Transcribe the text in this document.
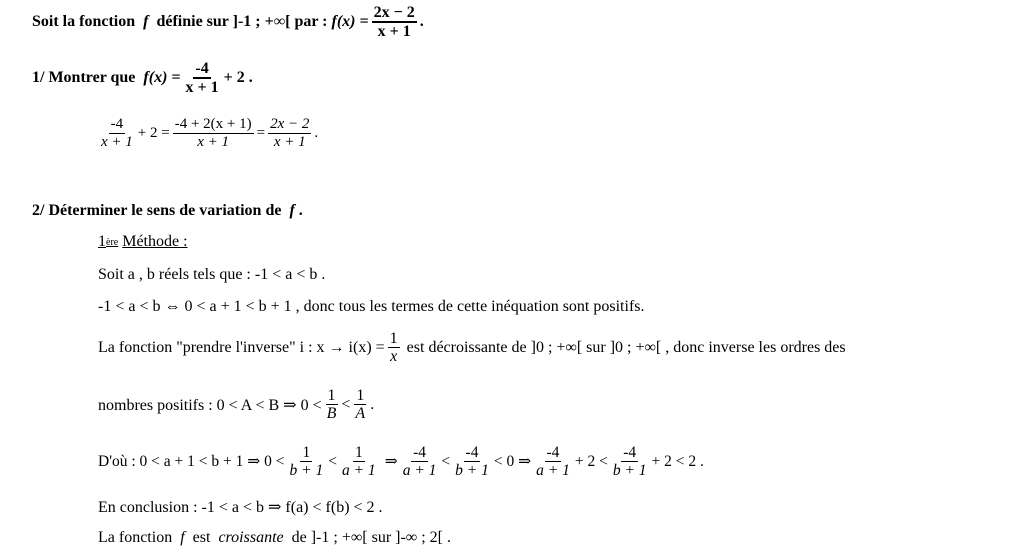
Soit la fonction f définie sur ]-1 ; +∞[ par : $f(x) = \frac{2x - 2}{x + 1}$ .
1/ Montrer que $f(x) = \frac{-4}{x + 1} + 2$ .
$\frac{-4}{x + 1} + 2 = \frac{-4 + 2(x + 1)}{x + 1} = \frac{2x - 2}{x + 1}$ .
2/ Déterminer le sens de variation de f .
1 ère Méthode :
Soit a , b réels tels que : -1 < a < b .
-1 < a < b ⇔ 0 < a + 1 < b + 1 , donc tous les termes de cette inéquation sont positifs.
La fonction "prendre l'inverse" i : $x \to i(x) = \frac{1}{x}$ est décroissante de ]0 ; +∞[ sur ]0 ; +∞[ , donc inverse les ordres des
nombres positifs : 0 < A < B ⇒ $0 < \frac{1}{B} < \frac{1}{A}$ .
D'où : 0 < a + 1 < b + 1 ⇒ $0 < \frac{1}{b + 1} < \frac{1}{a + 1}$ ⇒ $\frac{-4}{a + 1} < \frac{-4}{b + 1} < 0$ ⇒ $\frac{-4}{a + 1} + 2 < \frac{-4}{b + 1} + 2 < 2$ .
En conclusion : -1 < a < b ⇒ f(a) < f(b) < 2 .
La fonction f est croissante de ]-1 ; +∞[ sur ]-∞ ; 2[ .
